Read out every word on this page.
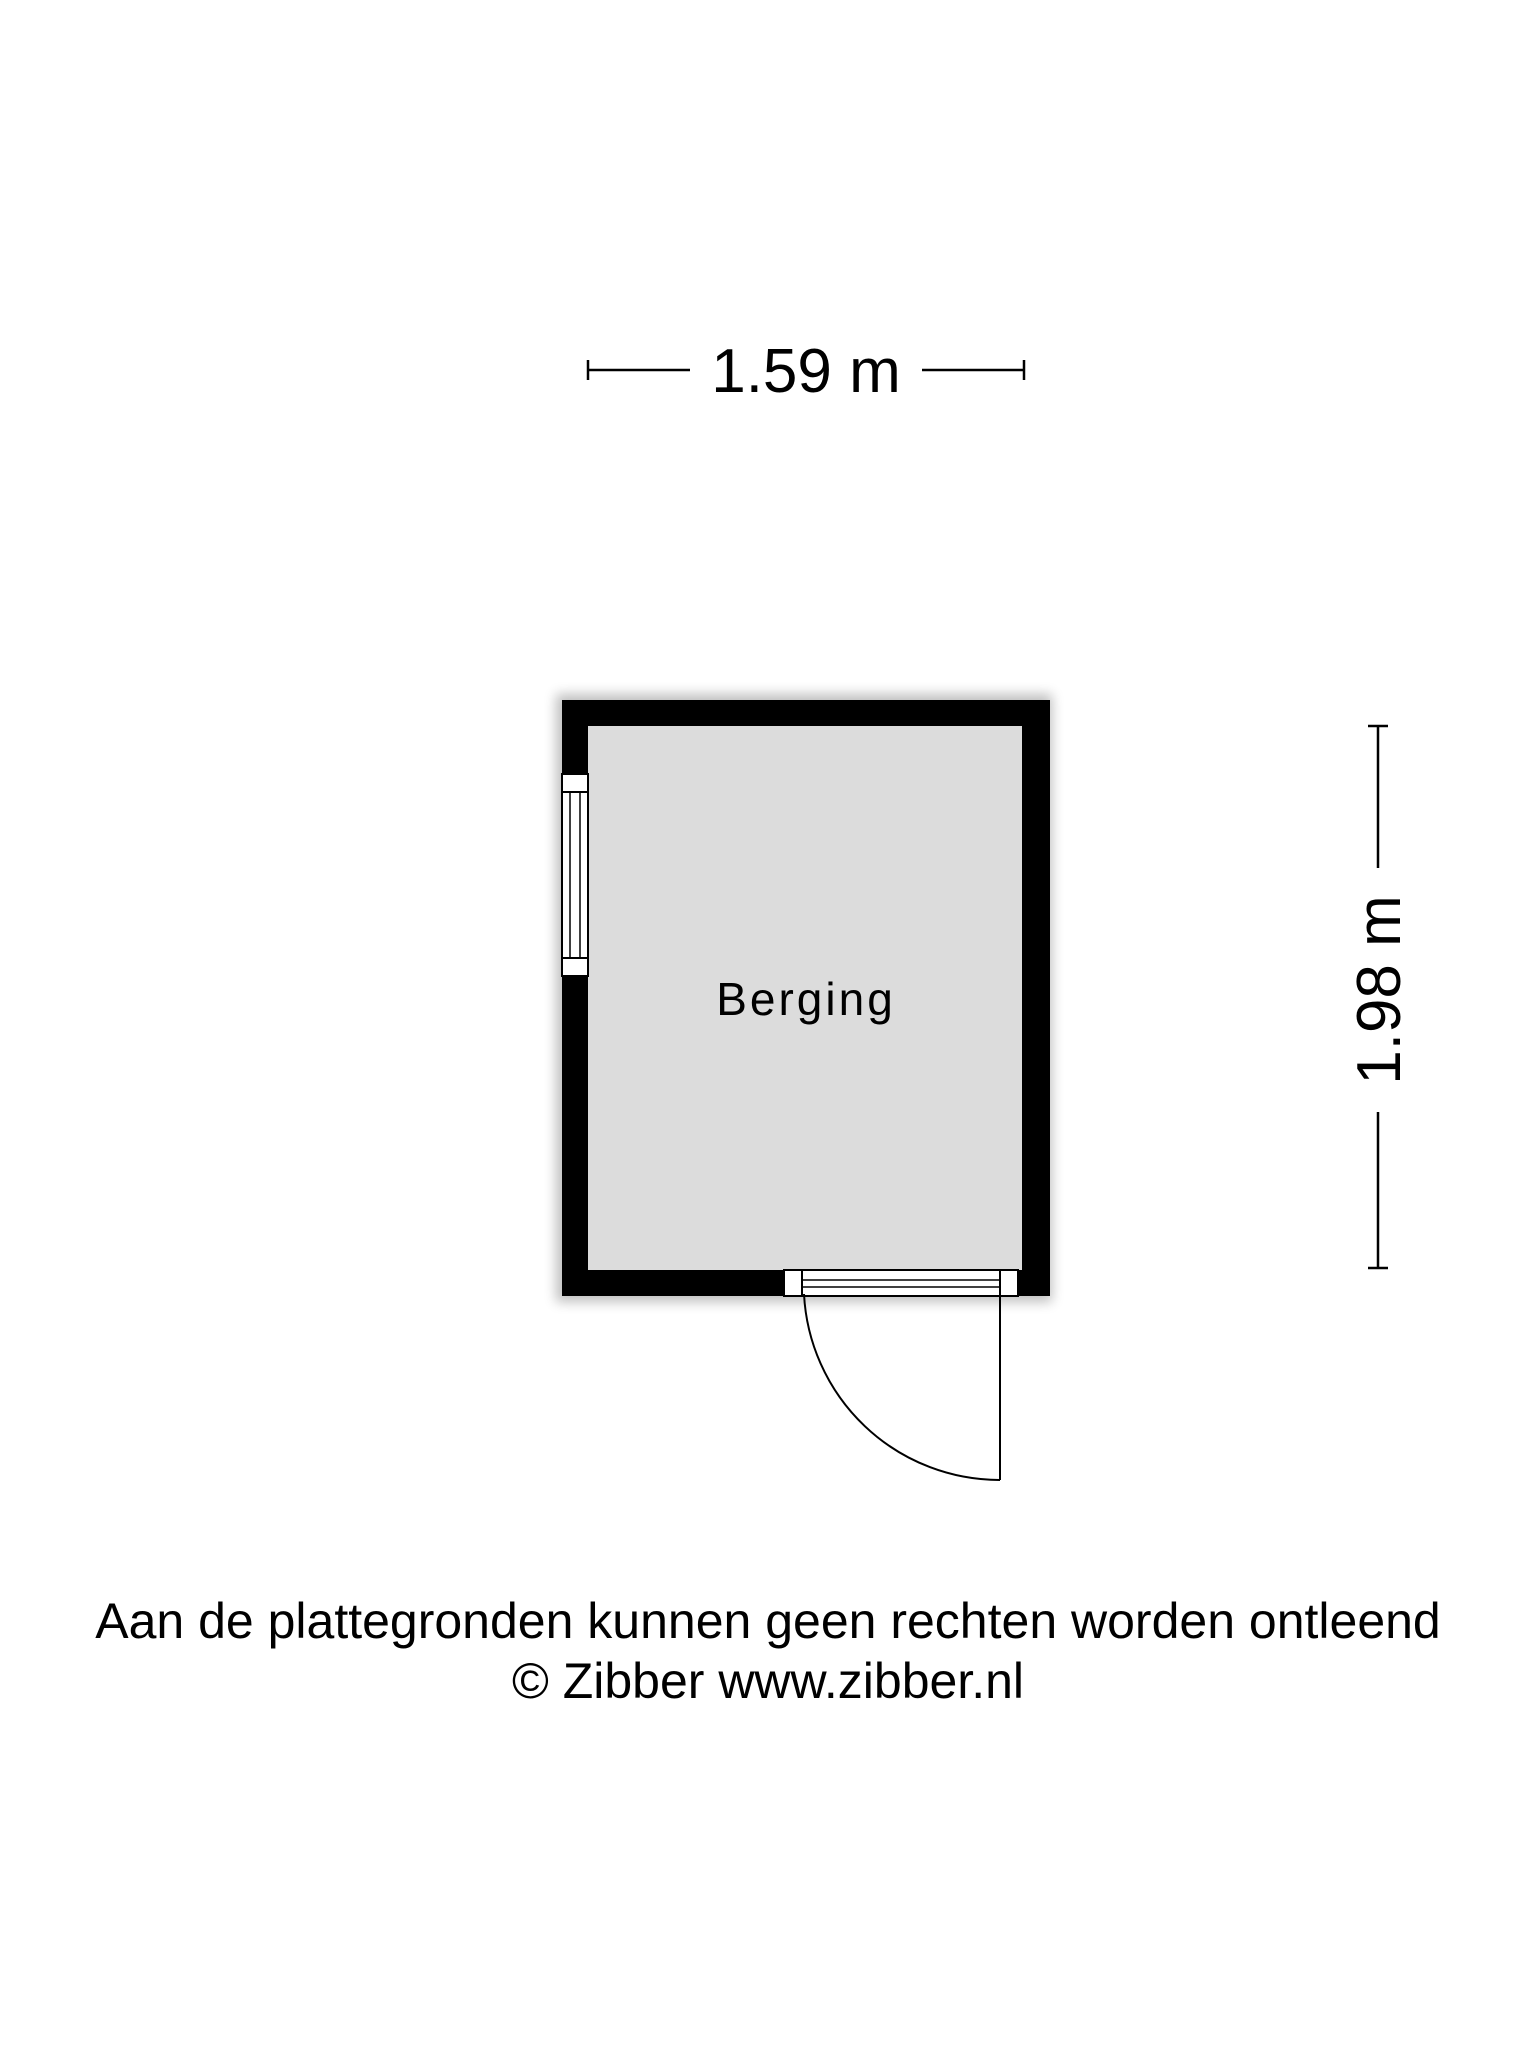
1.59 m
1.98 m
Berging
Aan de plattegronden kunnen geen rechten worden ontleend
© Zibber www.zibber.nl
